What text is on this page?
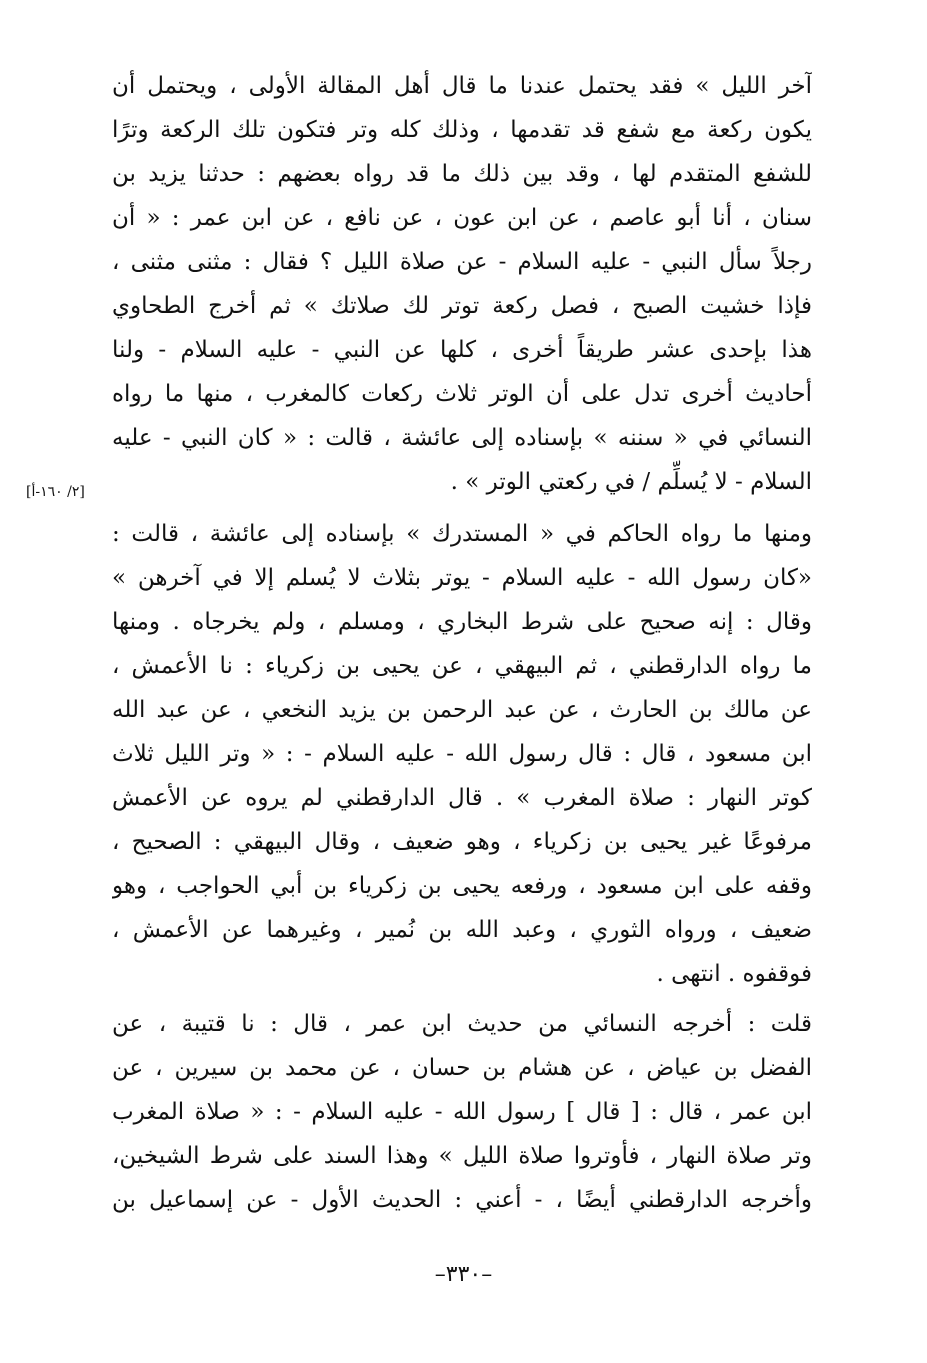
آخر الليل » فقد يحتمل عندنا ما قال أهل المقالة الأولى ، ويحتمل أن
يكون ركعة مع شفع قد تقدمها ، وذلك كله وتر فتكون تلك الركعة وترًا
للشفع المتقدم لها ، وقد بين ذلك ما قد رواه بعضهم : حدثنا يزيد بن
سنان ، أنا أبو عاصم ، عن ابن عون ، عن نافع ، عن ابن عمر : « أن
رجلاً سأل النبي - عليه السلام - عن صلاة الليل ؟ فقال : مثنى مثنى ،
فإذا خشيت الصبح ، فصل ركعة توتر لك صلاتك » ثم أخرج الطحاوي
هذا بإحدى عشر طريقاً أخرى ، كلها عن النبي - عليه السلام - ولنا
أحاديث أخرى تدل على أن الوتر ثلاث ركعات كالمغرب ، منها ما رواه
النسائي في « سننه » بإسناده إلى عائشة ، قالت : « كان النبي - عليه
السلام - لا يُسلِّم / في ركعتي الوتر » .
ومنها ما رواه الحاكم في « المستدرك » بإسناده إلى عائشة ، قالت :
«كان رسول الله - عليه السلام - يوتر بثلاث لا يُسلم إلا في آخرهن »
وقال : إنه صحيح على شرط البخاري ، ومسلم ، ولم يخرجاه . ومنها
ما رواه الدارقطني ، ثم البيهقي ، عن يحيى بن زكرياء : نا الأعمش ،
عن مالك بن الحارث ، عن عبد الرحمن بن يزيد النخعي ، عن عبد الله
ابن مسعود ، قال : قال رسول الله - عليه السلام - : « وتر الليل ثلاث
كوتر النهار : صلاة المغرب » . قال الدارقطني لم يروه عن الأعمش
مرفوعًا غير يحيى بن زكرياء ، وهو ضعيف ، وقال البيهقي : الصحيح ،
وقفه على ابن مسعود ، ورفعه يحيى بن زكرياء بن أبي الحواجب ، وهو
ضعيف ، ورواه الثوري ، وعبد الله بن نُمير ، وغيرهما عن الأعمش ،
فوقفوه . انتهى .
قلت : أخرجه النسائي من حديث ابن عمر ، قال : نا قتيبة ، عن
الفضل بن عياض ، عن هشام بن حسان ، عن محمد بن سيرين ، عن
ابن عمر ، قال : [ قال ] رسول الله - عليه السلام - : « صلاة المغرب
وتر صلاة النهار ، فأوتروا صلاة الليل » وهذا السند على شرط الشيخين،
وأخرجه الدارقطني أيضًا ، - أعني : الحديث الأول - عن إسماعيل بن
[٢/ ١٦٠-أ]
–٣٣٠–
